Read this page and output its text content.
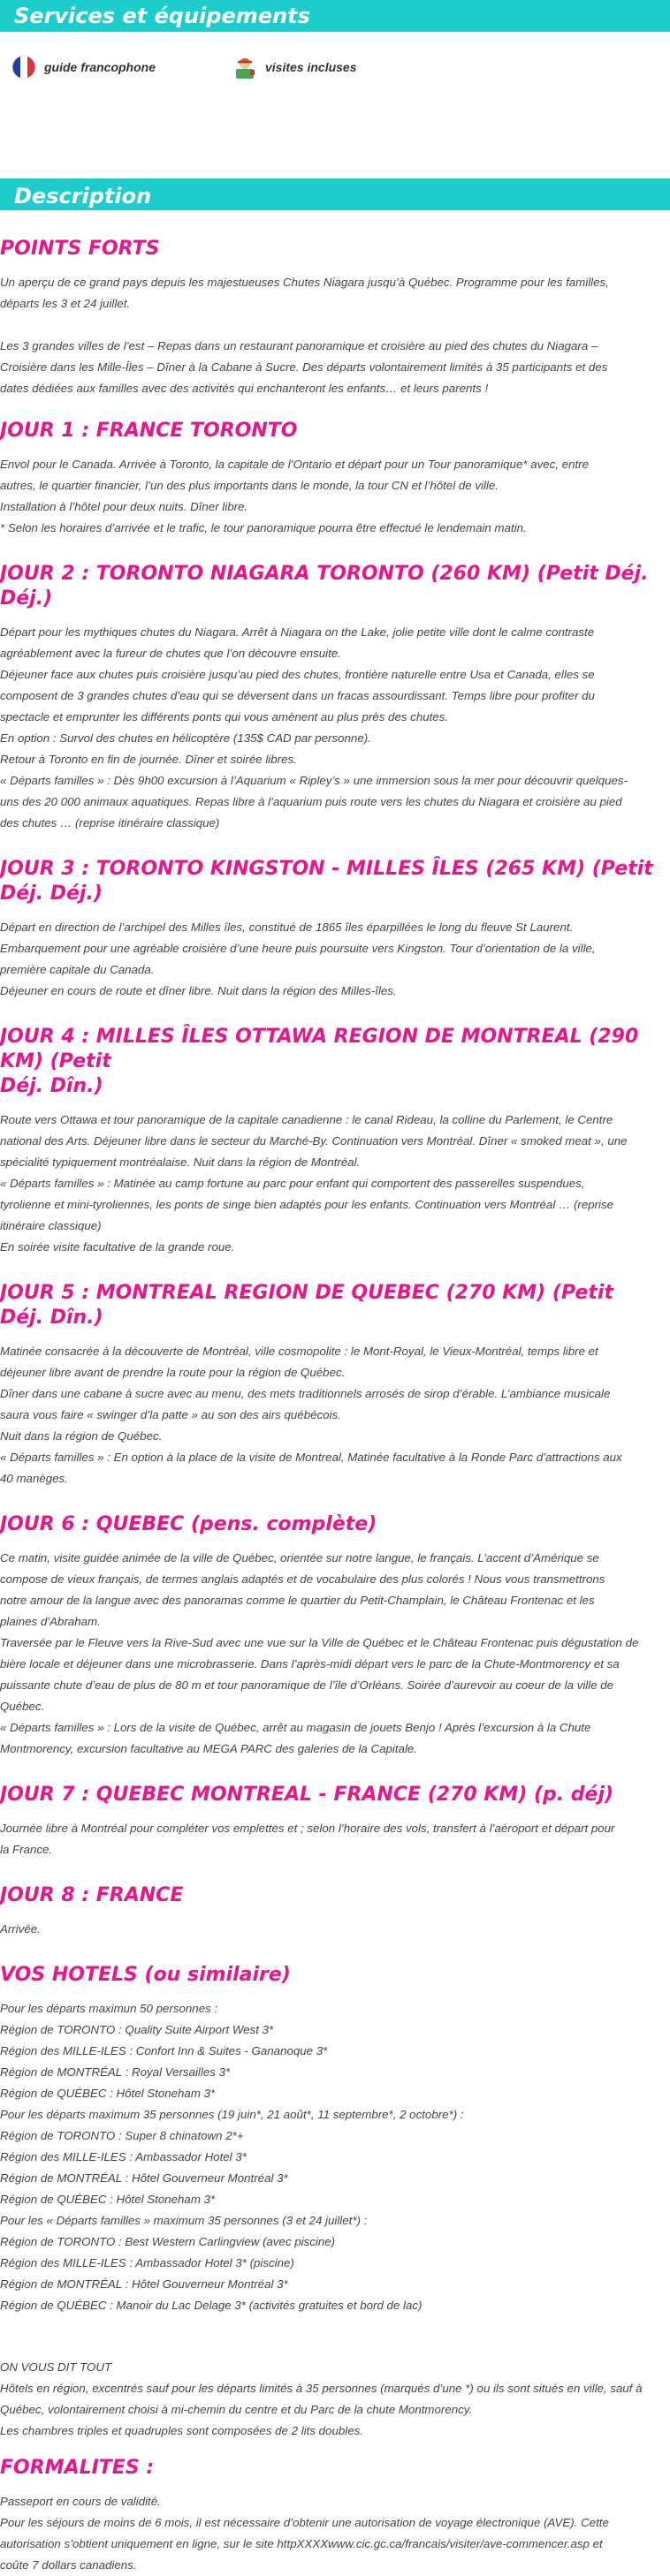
Services et équipements
guide francophone	visites incluses
Description
POINTS FORTS

Un aperçu de ce grand pays depuis les majestueuses Chutes Niagara jusqu’à Québec. Programme pour les familles,
départs les 3 et 24 juillet.

Les 3 grandes villes de l’est – Repas dans un restaurant panoramique et croisière au pied des chutes du Niagara –
Croisière dans les Mille-Îles – Dîner à la Cabane à Sucre. Des départs volontairement limités à 35 participants et des
dates dédiées aux familles avec des activités qui enchanteront les enfants… et leurs parents !

JOUR 1 : FRANCE TORONTO

Envol pour le Canada. Arrivée à Toronto, la capitale de l’Ontario et départ pour un Tour panoramique* avec, entre
autres, le quartier financier, l’un des plus importants dans le monde, la tour CN et l’hôtel de ville.
Installation à l’hôtel pour deux nuits. Dîner libre.
* Selon les horaires d’arrivée et le trafic, le tour panoramique pourra être effectué le lendemain matin.

JOUR 2 : TORONTO NIAGARA TORONTO (260 KM) (Petit Déj. Déj.)

Départ pour les mythiques chutes du Niagara. Arrêt à Niagara on the Lake, jolie petite ville dont le calme contraste
agréablement avec la fureur de chutes que l’on découvre ensuite.
Déjeuner face aux chutes puis croisière jusqu’au pied des chutes, frontière naturelle entre Usa et Canada, elles se
composent de 3 grandes chutes d’eau qui se déversent dans un fracas assourdissant. Temps libre pour profiter du
spectacle et emprunter les différents ponts qui vous amènent au plus près des chutes.
En option : Survol des chutes en hélicoptère (135$ CAD par personne).
Retour à Toronto en fin de journée. Dîner et soirée libres.
« Départs familles » : Dès 9h00 excursion à l’Aquarium « Ripley’s » une immersion sous la mer pour découvrir quelques-
uns des 20 000 animaux aquatiques. Repas libre à l’aquarium puis route vers les chutes du Niagara et croisière au pied
des chutes … (reprise itinéraire classique)

JOUR 3 : TORONTO KINGSTON - MILLES ÎLES (265 KM) (Petit Déj. Déj.)

Départ en direction de l’archipel des Milles îles, constitué de 1865 îles éparpillées le long du fleuve St Laurent.
Embarquement pour une agréable croisière d’une heure puis poursuite vers Kingston. Tour d’orientation de la ville,
première capitale du Canada.
Déjeuner en cours de route et dîner libre. Nuit dans la région des Milles-îles.

JOUR 4 : MILLES ÎLES OTTAWA REGION DE MONTREAL (290 KM) (Petit
Déj. Dîn.)

Route vers Ottawa et tour panoramique de la capitale canadienne : le canal Rideau, la colline du Parlement, le Centre
national des Arts. Déjeuner libre dans le secteur du Marché-By. Continuation vers Montréal. Dîner « smoked meat », une
spécialité typiquement montréalaise. Nuit dans la région de Montréal.
« Départs familles » : Matinée au camp fortune au parc pour enfant qui comportent des passerelles suspendues,
tyrolienne et mini-tyroliennes, les ponts de singe bien adaptés pour les enfants. Continuation vers Montréal … (reprise
itinéraire classique)
En soirée visite facultative de la grande roue.

JOUR 5 : MONTREAL REGION DE QUEBEC (270 KM) (Petit Déj. Dîn.)

Matinée consacrée à la découverte de Montréal, ville cosmopolite : le Mont-Royal, le Vieux-Montréal, temps libre et
déjeuner libre avant de prendre la route pour la région de Québec.
Dîner dans une cabane à sucre avec au menu, des mets traditionnels arrosés de sirop d’érable. L’ambiance musicale
saura vous faire « swinger d’la patte » au son des airs québécois.
Nuit dans la région de Québec.
« Départs familles » : En option à la place de la visite de Montreal, Matinée facultative à la Ronde Parc d’attractions aux
40 manèges.

JOUR 6 : QUEBEC (pens. complète)

Ce matin, visite guidée animée de la ville de Québec, orientée sur notre langue, le français. L’accent d’Amérique se
compose de vieux français, de termes anglais adaptés et de vocabulaire des plus colorés ! Nous vous transmettrons
notre amour de la langue avec des panoramas comme le quartier du Petit-Champlain, le Château Frontenac et les
plaines d’Abraham.
Traversée par le Fleuve vers la Rive-Sud avec une vue sur la Ville de Québec et le Château Frontenac puis dégustation de
bière locale et déjeuner dans une microbrasserie. Dans l’après-midi départ vers le parc de la Chute-Montmorency et sa
puissante chute d’eau de plus de 80 m et tour panoramique de l’île d’Orléans. Soirée d’aurevoir au coeur de la ville de
Québec.
« Départs familles » : Lors de la visite de Québec, arrêt au magasin de jouets Benjo ! Après l’excursion à la Chute
Montmorency, excursion facultative au MEGA PARC des galeries de la Capitale.

JOUR 7 : QUEBEC MONTREAL - FRANCE (270 KM) (p. déj)

Journée libre à Montréal pour compléter vos emplettes et ; selon l’horaire des vols, transfert à l’aéroport et départ pour
la France.

JOUR 8 : FRANCE

Arrivée.

VOS HOTELS (ou similaire)

Pour les départs maximun 50 personnes :
Région de TORONTO : Quality Suite Airport West 3*
Région des MILLE-ILES : Confort Inn & Suites - Gananoque 3*
Région de MONTRÉAL : Royal Versailles 3*
Région de QUÉBEC : Hôtel Stoneham 3*
Pour les départs maximum 35 personnes (19 juin*, 21 août*, 11 septembre*, 2 octobre*) :
Région de TORONTO : Super 8 chinatown 2*+
Région des MILLE-ILES : Ambassador Hotel 3*
Région de MONTRÉAL : Hôtel Gouverneur Montréal 3*
Région de QUÉBEC : Hôtel Stoneham 3*
Pour les « Départs familles » maximum 35 personnes (3 et 24 juillet*) :
Région de TORONTO : Best Western Carlingview (avec piscine)
Région des MILLE-ILES : Ambassador Hotel 3* (piscine)
Région de MONTRÉAL : Hôtel Gouverneur Montréal 3*
Région de QUÉBEC : Manoir du Lac Delage 3* (activités gratuites et bord de lac)

ON VOUS DIT TOUT
Hôtels en région, excentrés sauf pour les départs limités à 35 personnes (marqués d’une *) ou ils sont situés en ville, sauf à
Québec, volontairement choisi à mi-chemin du centre et du Parc de la chute Montmorency.
Les chambres triples et quadruples sont composées de 2 lits doubles.

FORMALITES :

Passeport en cours de validité.
Pour les séjours de moins de 6 mois, il est nécessaire d’obtenir une autorisation de voyage électronique (AVE). Cette
autorisation s’obtient uniquement en ligne, sur le site httpXXXXwww.cic.gc.ca/francais/visiter/ave-commencer.asp et
coûte 7 dollars canadiens.
